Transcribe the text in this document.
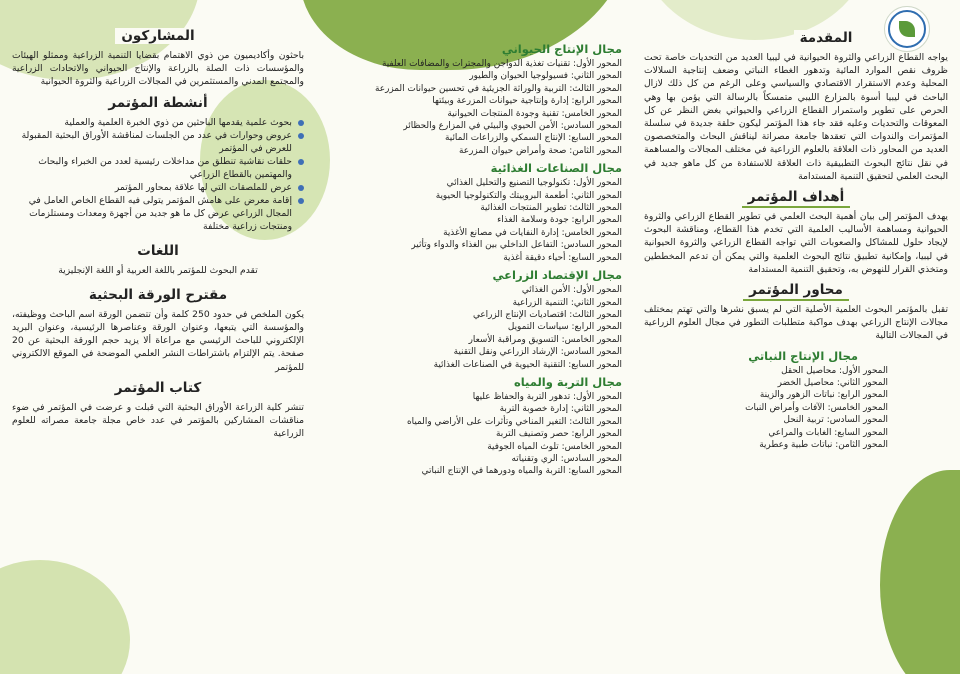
المشاركون

باحثون وأكاديميون من ذوي الاهتمام بقضايا التنمية الزراعية وممثلو الهيئات والمؤسسات ذات الصلة بالزراعة والإنتاج الحيواني والاتحادات الزراعية والمجتمع المدني والمستثمرين في المجالات الزراعية والثروة الحيوانية

أنشطة المؤتمر
بحوث علمية يقدمها الباحثين من ذوي الخبرة العلمية والعملية
عروض وحوارات في عدد من الجلسات لمناقشة الأوراق البحثية المقبولة للعرض في المؤتمر
حلقات نقاشية تنطلق من مداخلات رئيسية لعدد من الخبراء والبحاث والمهتمين بالقطاع الزراعي
عرض للملصقات التي لها علاقة بمحاور المؤتمر
إقامة معرض على هامش المؤتمر يتولى فيه القطاع الخاص العامل في المجال الزراعي عرض كل ما هو جديد من أجهزة ومعدات ومستلزمات ومنتجات زراعية مختلفة
اللغات

تقدم البحوث للمؤتمر باللغة العربية أو اللغة الإنجليزية

مقترح الورقة البحثية

يكون الملخص في حدود 250 كلمة وأن تتضمن الورقة اسم الباحث ووظيفته، والمؤسسة التي يتبعها، وعنوان الورقة وعناصرها الرئيسية، وعنوان البريد الإلكتروني للباحث الرئيسي مع مراعاة ألا يزيد حجم الورقة البحثية عن 20 صفحة. يتم الإلتزام باشتراطات النشر العلمي الموضحة في الموقع الالكتروني للمؤتمر

كتاب المؤتمر

تنشر كلية الزراعة الأوراق البحثية التي قبلت و عرضت في المؤتمر في ضوء مناقشات المشاركين بالمؤتمر في عدد خاص مجلة جامعة مصراته للعلوم الزراعية

مجال الإنتاج الحيواني
المحور الأول: تقنيات تغذية الدواجن والمجترات والمضافات العلفية
المحور الثاني: فسيولوجيا الحيوان والطيور
المحور الثالث: التربية والوراثة الجزيئية في تحسين حيوانات المزرعة
المحور الرابع: إدارة وإنتاجية حيوانات المزرعة وبيئتها
المحور الخامس: تقنية وجودة المنتجات الحيوانية
المحور السادس: الأمن الحيوي والبيئي في المزارع والحظائر
المحور السابع: الإنتاج السمكي والزراعات المائية
المحور الثامن: صحة وأمراض حيوان المزرعة
مجال الصناعات الغذائية
المحور الأول: تكنولوجيا التصنيع والتحليل الغذائي
المحور الثاني: أطعمة البروبيتك والتكنولوجيا الحيوية
المحور الثالث: تطوير المنتجات الغذائية
المحور الرابع: جودة وسلامة الغذاء
المحور الخامس: إدارة النفايات في مصانع الأغذية
المحور السادس: التفاعل الداخلي بين الغذاء والدواء وتأثير
المحور السابع: أحياء دقيقة أغذية
مجال الإقتصاد الزراعي
المحور الأول: الأمن الغذائي
المحور الثاني: التنمية الزراعية
المحور الثالث: اقتصاديات الإنتاج الزراعي
المحور الرابع: سياسات التمويل
المحور الخامس: التسويق ومراقبة الأسعار
المحور السادس: الإرشاد الزراعي ونقل التقنية
المحور السابع: التقنية الحيوية في الصناعات الغذائية
مجال التربة والمياه
المحور الأول: تدهور التربة والحفاظ عليها
المحور الثاني: إدارة خصوبة التربة
المحور الثالث: التغير المناخي وتأثرات على الأراضي والمياه
المحور الرابع: حصر وتصنيف التربة
المحور الخامس: تلوث المياه الجوفية
المحور السادس: الري وتقنياته
المحور السابع: التربة والمياه ودورهما في الإنتاج النباتي
المقدمة

يواجه القطاع الزراعي والثروة الحيوانية في ليبيا العديد من التحديات خاصة تحت ظروف نقص الموارد المائية وتدهور الغطاء النباتي وضعف إنتاجية السلالات المحلية وعدم الاستقرار الاقتصادي والسياسي وعلى الرغم من كل ذلك لازال الباحث في ليبيا أسوة بالمزارع الليبي متمسكاً بالرسالة التي يؤمن بها وهي الحرص على تطوير واستمرار القطاع الزراعي والحيواني بغض النظر عن كل المعوقات والتحديات وعليه فقد جاء هذا المؤتمر ليكون حلقة جديدة في سلسلة المؤتمرات والندوات التي تعقدها جامعة مصراتة ليناقش البحاث والمتخصصون العديد من المحاور ذات العلاقة بالعلوم الزراعية في مختلف المجالات والمساهمة في نقل نتائج البحوث التطبيقية ذات العلاقة للاستفادة من كل ماهو جديد في البحث العلمي لتحقيق التنمية المستدامة

أهداف المؤتمر

يهدف المؤتمر إلى بيان أهمية البحث العلمي في تطوير القطاع الزراعي والثروة الحيوانية ومساهمة الأساليب العلمية التي تخدم هذا القطاع، ومناقشة البحوث لإيجاد حلول للمشاكل والصعوبات التي تواجه القطاع الزراعي والثروة الحيوانية في ليبيا، وإمكانية تطبيق نتائج البحوث العلمية والتي يمكن أن تدعم المخططين ومتخذي القرار للنهوض به، وتحقيق التنمية المستدامة

محاور المؤتمر

تقبل بالمؤتمر البحوث العلمية الأصلية التي لم يسبق نشرها والتي تهتم بمختلف مجالات الإنتاج الزراعي بهدف مواكبة متطلبات التطور في مجال العلوم الزراعية في المجالات التالية

مجال الإنتاج النباتي
المحور الأول: محاصيل الحقل
المحور الثاني: محاصيل الخضر
المحور الرابع: نباتات الزهور والزينة
المحور الخامس: الآفات وأمراض النبات
المحور السادس: تربية النحل
المحور السابع: الغابات والمراعي
المحور الثامن: نباتات طبية وعطرية
